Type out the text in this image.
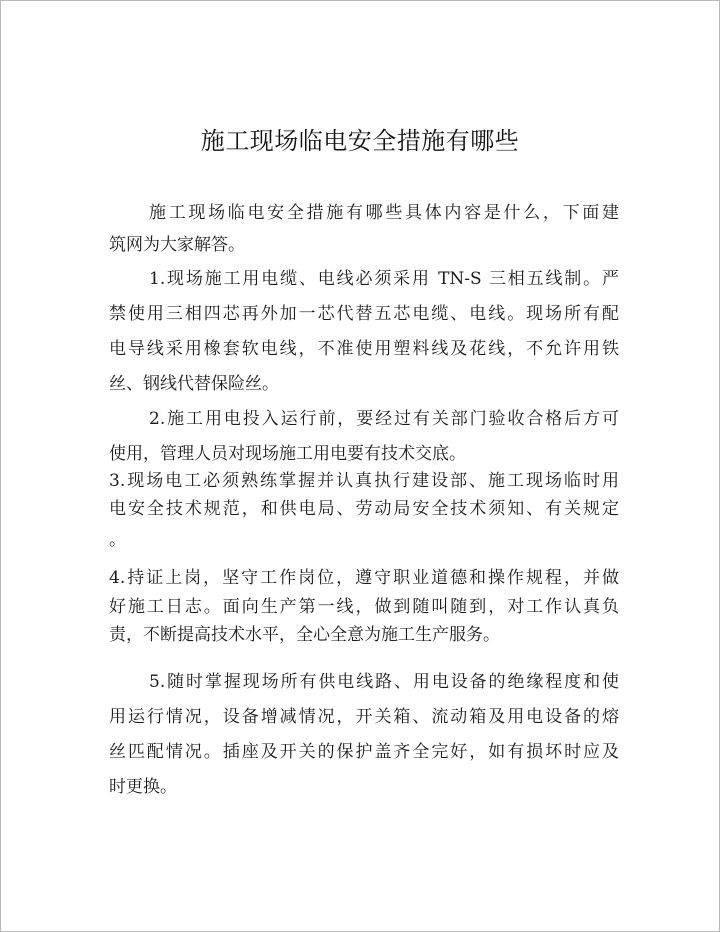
施工现场临电安全措施有哪些
施工现场临电安全措施有哪些具体内容是什么，下面建
筑网为大家解答。
1.现场施工用电缆、电线必须采用 TN-S 三相五线制。严
禁使用三相四芯再外加一芯代替五芯电缆、电线。现场所有配
电导线采用橡套软电线，不准使用塑料线及花线，不允许用铁
丝、钢线代替保险丝。
2.施工用电投入运行前，要经过有关部门验收合格后方可
使用，管理人员对现场施工用电要有技术交底。
3.现场电工必须熟练掌握并认真执行建设部、施工现场临时用
电安全技术规范，和供电局、劳动局安全技术须知、有关规定
。
4.持证上岗，坚守工作岗位，遵守职业道德和操作规程，并做
好施工日志。面向生产第一线，做到随叫随到，对工作认真负
责，不断提高技术水平，全心全意为施工生产服务。
5.随时掌握现场所有供电线路、用电设备的绝缘程度和使
用运行情况，设备增减情况，开关箱、流动箱及用电设备的熔
丝匹配情况。插座及开关的保护盖齐全完好，如有损坏时应及
时更换。
